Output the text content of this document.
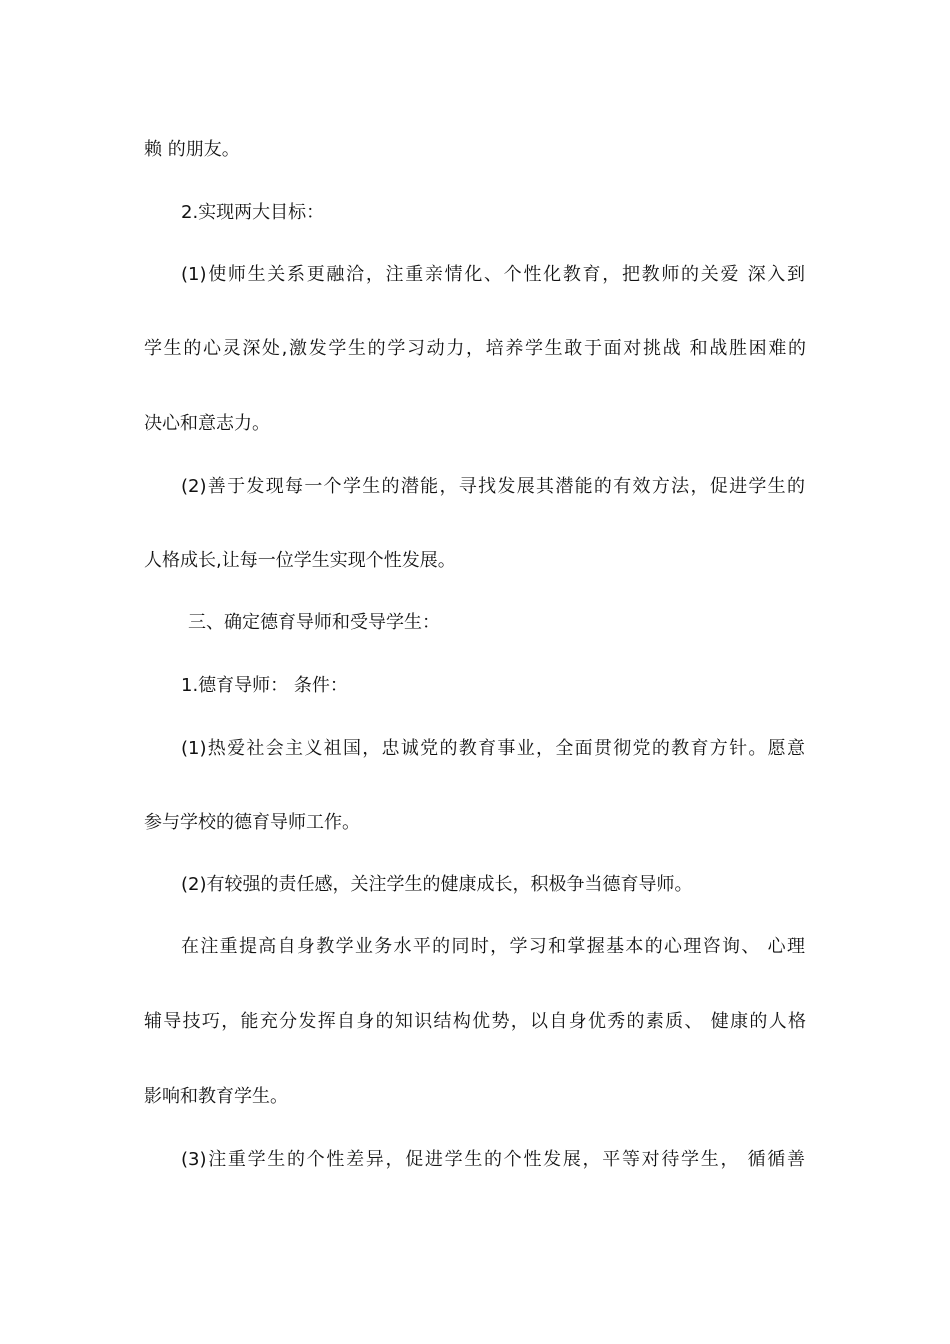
赖 的朋友。
2.实现两大目标：
(1)使师生关系更融洽，注重亲情化、个性化教育，把教师的关爱 深入到
学生的心灵深处,激发学生的学习动力，培养学生敢于面对挑战 和战胜困难的
决心和意志力。
(2)善于发现每一个学生的潜能，寻找发展其潜能的有效方法，促进学生的
人格成长,让每一位学生实现个性发展。
三、确定德育导师和受导学生：
1.德育导师： 条件：
(1)热爱社会主义祖国，忠诚党的教育事业，全面贯彻党的教育方针。愿意
参与学校的德育导师工作。
(2)有较强的责任感，关注学生的健康成长，积极争当德育导师。
在注重提高自身教学业务水平的同时，学习和掌握基本的心理咨询、 心理
辅导技巧，能充分发挥自身的知识结构优势，以自身优秀的素质、 健康的人格
影响和教育学生。
(3)注重学生的个性差异，促进学生的个性发展，平等对待学生， 循循善
